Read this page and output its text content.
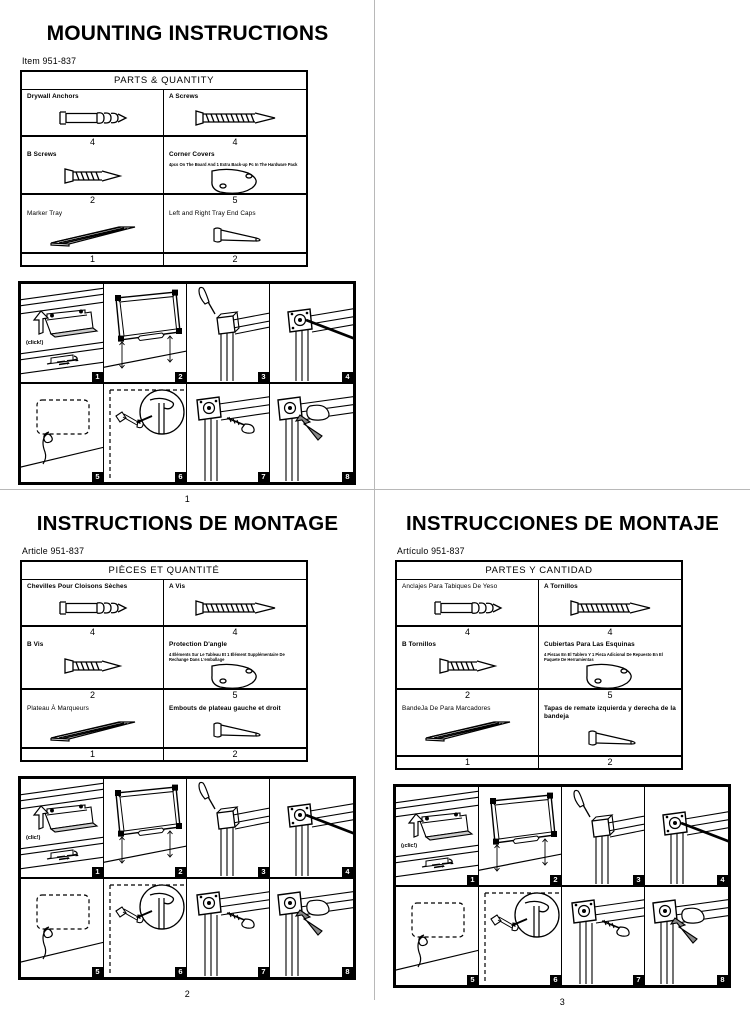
MOUNTING INSTRUCTIONS
Item 951-837
PARTS & QUANTITY
Drywall Anchors	A Screws
4	4
B Screws	Corner Covers
4pcs On The Board And 1 Extra Back-up Pc In The Hardware Pack
2	5
Marker Tray	Left and Right Tray End Caps
1	2
(click!)
1	2	3	4
5	6	7	8
1
INSTRUCTIONS DE MONTAGE
Article 951-837
PIÈCES ET QUANTITÉ
Chevilles Pour Cloisons Sèches	A Vis
4	4
B Vis	Protection D'angle
4 Éléments Sur Le Tableau Et 1 Élément Supplémentaire De Rechange Dans L'emballage
2	5
Plateau À Marqueurs	Embouts de plateau gauche et droit
1	2
(clic!)
1	2	3	4
5	6	7	8
2
INSTRUCCIONES DE MONTAJE
Artículo 951-837
PARTES Y CANTIDAD
Anclajes Para Tabiques De Yeso	A Tornillos
4	4
B Tornillos	Cubiertas Para Las Esquinas
4 Piezas En El Tablero Y 1 Pieza Adicional De Repuesto En El Paquete De Herramientas
2	5
BandeJa De Para Marcadores	Tapas de remate izquierda y derecha de la bandeja
1	2
(¡clic!)
1	2	3	4
5	6	7	8
3
